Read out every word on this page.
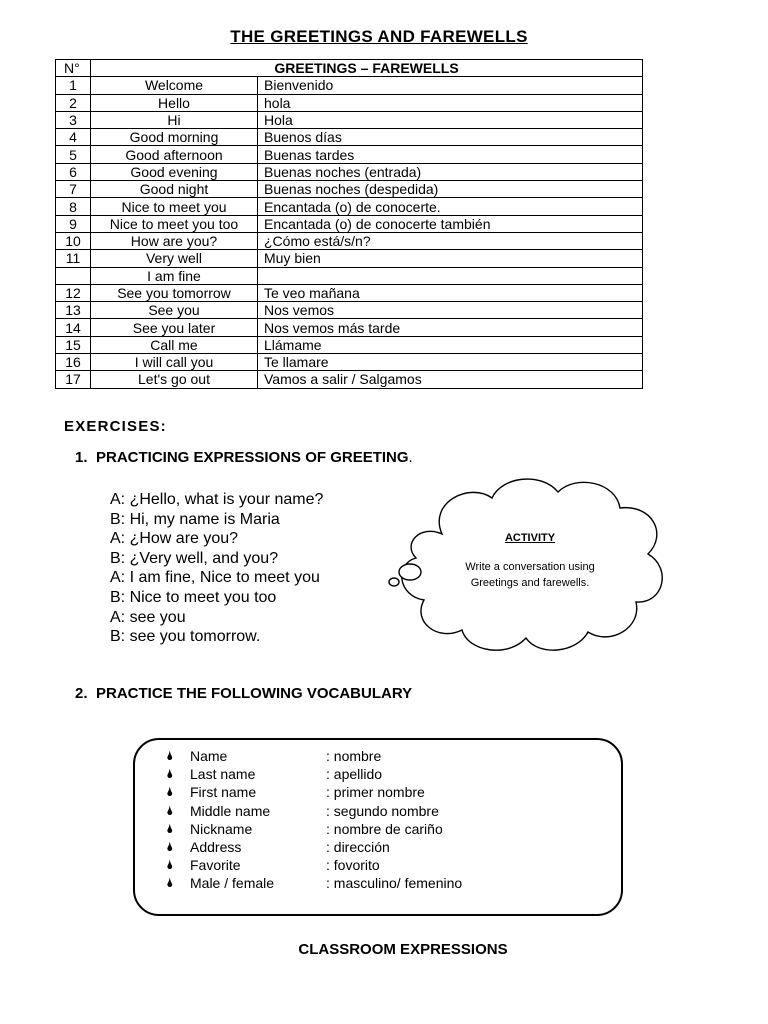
THE GREETINGS AND FAREWELLS
N°	GREETINGS – FAREWELLS	
1	Welcome	Bienvenido
2	Hello	hola
3	Hi	Hola
4	Good morning	Buenos días
5	Good afternoon	Buenas tardes
6	Good evening	Buenas noches (entrada)
7	Good night	Buenas noches (despedida)
8	Nice to meet you	Encantada (o) de conocerte.
9	Nice to meet you too	Encantada (o) de conocerte también
10	How are you?	¿Cómo está/s/n?
11	Very well	Muy bien
	I am fine	
12	See you tomorrow	Te veo mañana
13	See you	Nos vemos
14	See you later	Nos vemos más tarde
15	Call me	Llámame
16	I will call you	Te llamare
17	Let's go out	Vamos a salir / Salgamos
EXERCISES:
1. PRACTICING EXPRESSIONS OF GREETING.
A: ¿Hello, what is your name?
B: Hi, my name is Maria
A: ¿How are you?
B: ¿Very well, and you?
A: I am fine, Nice to meet you
B: Nice to meet you too
A: see you
B: see you tomorrow.
ACTIVITY
Write a conversation using
Greetings and farewells.
2. PRACTICE THE FOLLOWING VOCABULARY
🌢	Name	: nombre
🌢	Last name	: apellido
🌢	First name	: primer nombre
🌢	Middle name	: segundo nombre
🌢	Nickname	: nombre de cariño
🌢	Address	: dirección
🌢	Favorite	: fovorito
🌢	Male / female	: masculino/ femenino
CLASSROOM EXPRESSIONS
